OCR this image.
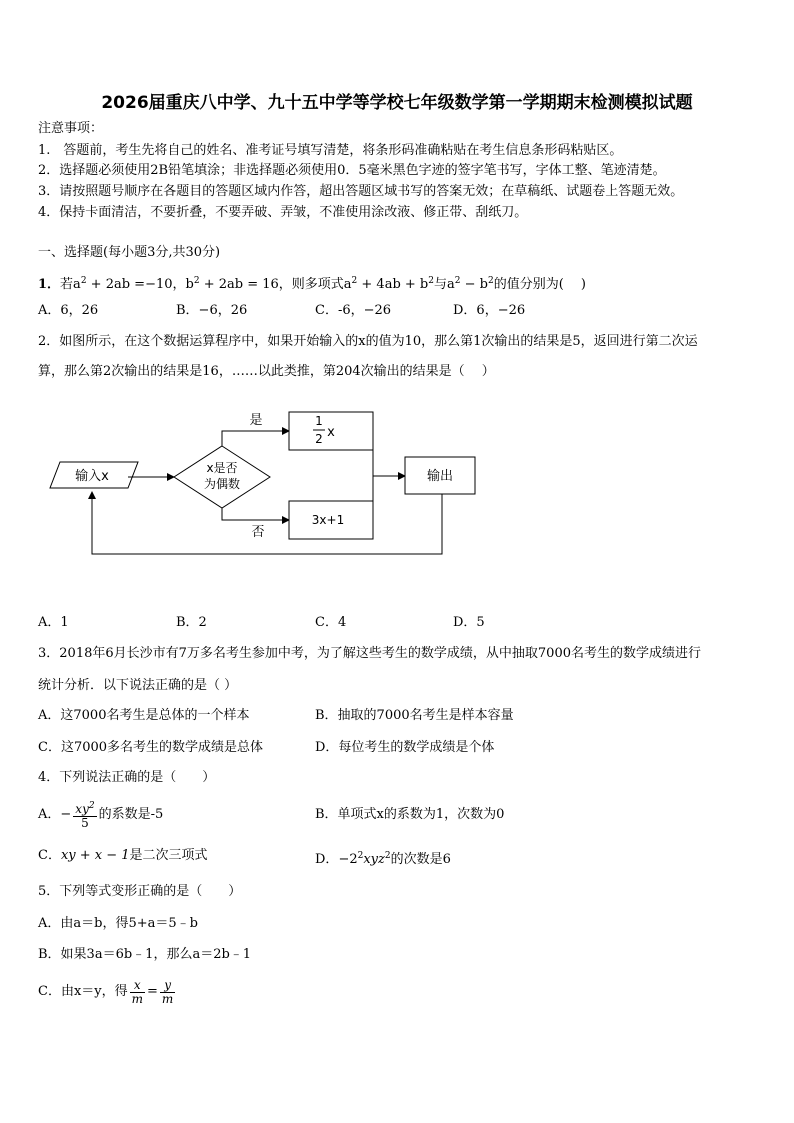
2026届重庆八中学、九十五中学等学校七年级数学第一学期期末检测模拟试题
注意事项：
1.　答题前，考生先将自己的姓名、准考证号填写清楚，将条形码准确粘贴在考生信息条形码粘贴区。
2．选择题必须使用2B铅笔填涂；非选择题必须使用0．5毫米黑色字迹的签字笔书写，字体工整、笔迹清楚。
3．请按照题号顺序在各题目的答题区域内作答，超出答题区域书写的答案无效；在草稿纸、试题卷上答题无效。
4．保持卡面清洁，不要折叠，不要弄破、弄皱，不准使用涂改液、修正带、刮纸刀。
一、选择题(每小题3分,共30分)
1．若$a^2 + 2ab =-10$，$b^2 + 2ab = 16$，则多项式$a^2 + 4ab + b^2$与$a^2 - b^2$的值分别为(　 )
A．6，26	B．−6，26	C．-6，−26	D．6，−26
2．如图所示，在这个数据运算程序中，如果开始输入的x的值为10，那么第1次输出的结果是5，返回进行第二次运
算，那么第2次输出的结果是16，……以此类推，第204次输出的结果是（　 ）
输入x
x是否
为偶数
是
否
1
2 x
3x+1
输出
A．1	B．2	C．4	D．5
3．2018年6月长沙市有7万多名考生参加中考，为了解这些考生的数学成绩，从中抽取7000名考生的数学成绩进行
统计分析．以下说法正确的是（ ）
A．这7000名考生是总体的一个样本	B．抽取的7000名考生是样本容量
C．这7000多名考生的数学成绩是总体	D．每位考生的数学成绩是个体
4．下列说法正确的是（　　）
A． − $\frac{xy^2}{5}$ 的系数是-5	B．单项式x的系数为1，次数为0
C．xy + x − 1是二次三项式	D．$-2^2xyz^2$的次数是6
5．下列等式变形正确的是（　　）
A．由a＝b，得5+a＝5﹣b
B．如果3a＝6b﹣1，那么a＝2b﹣1
C．由x＝y，得 $\frac{x}{m} = \frac{y}{m}$
